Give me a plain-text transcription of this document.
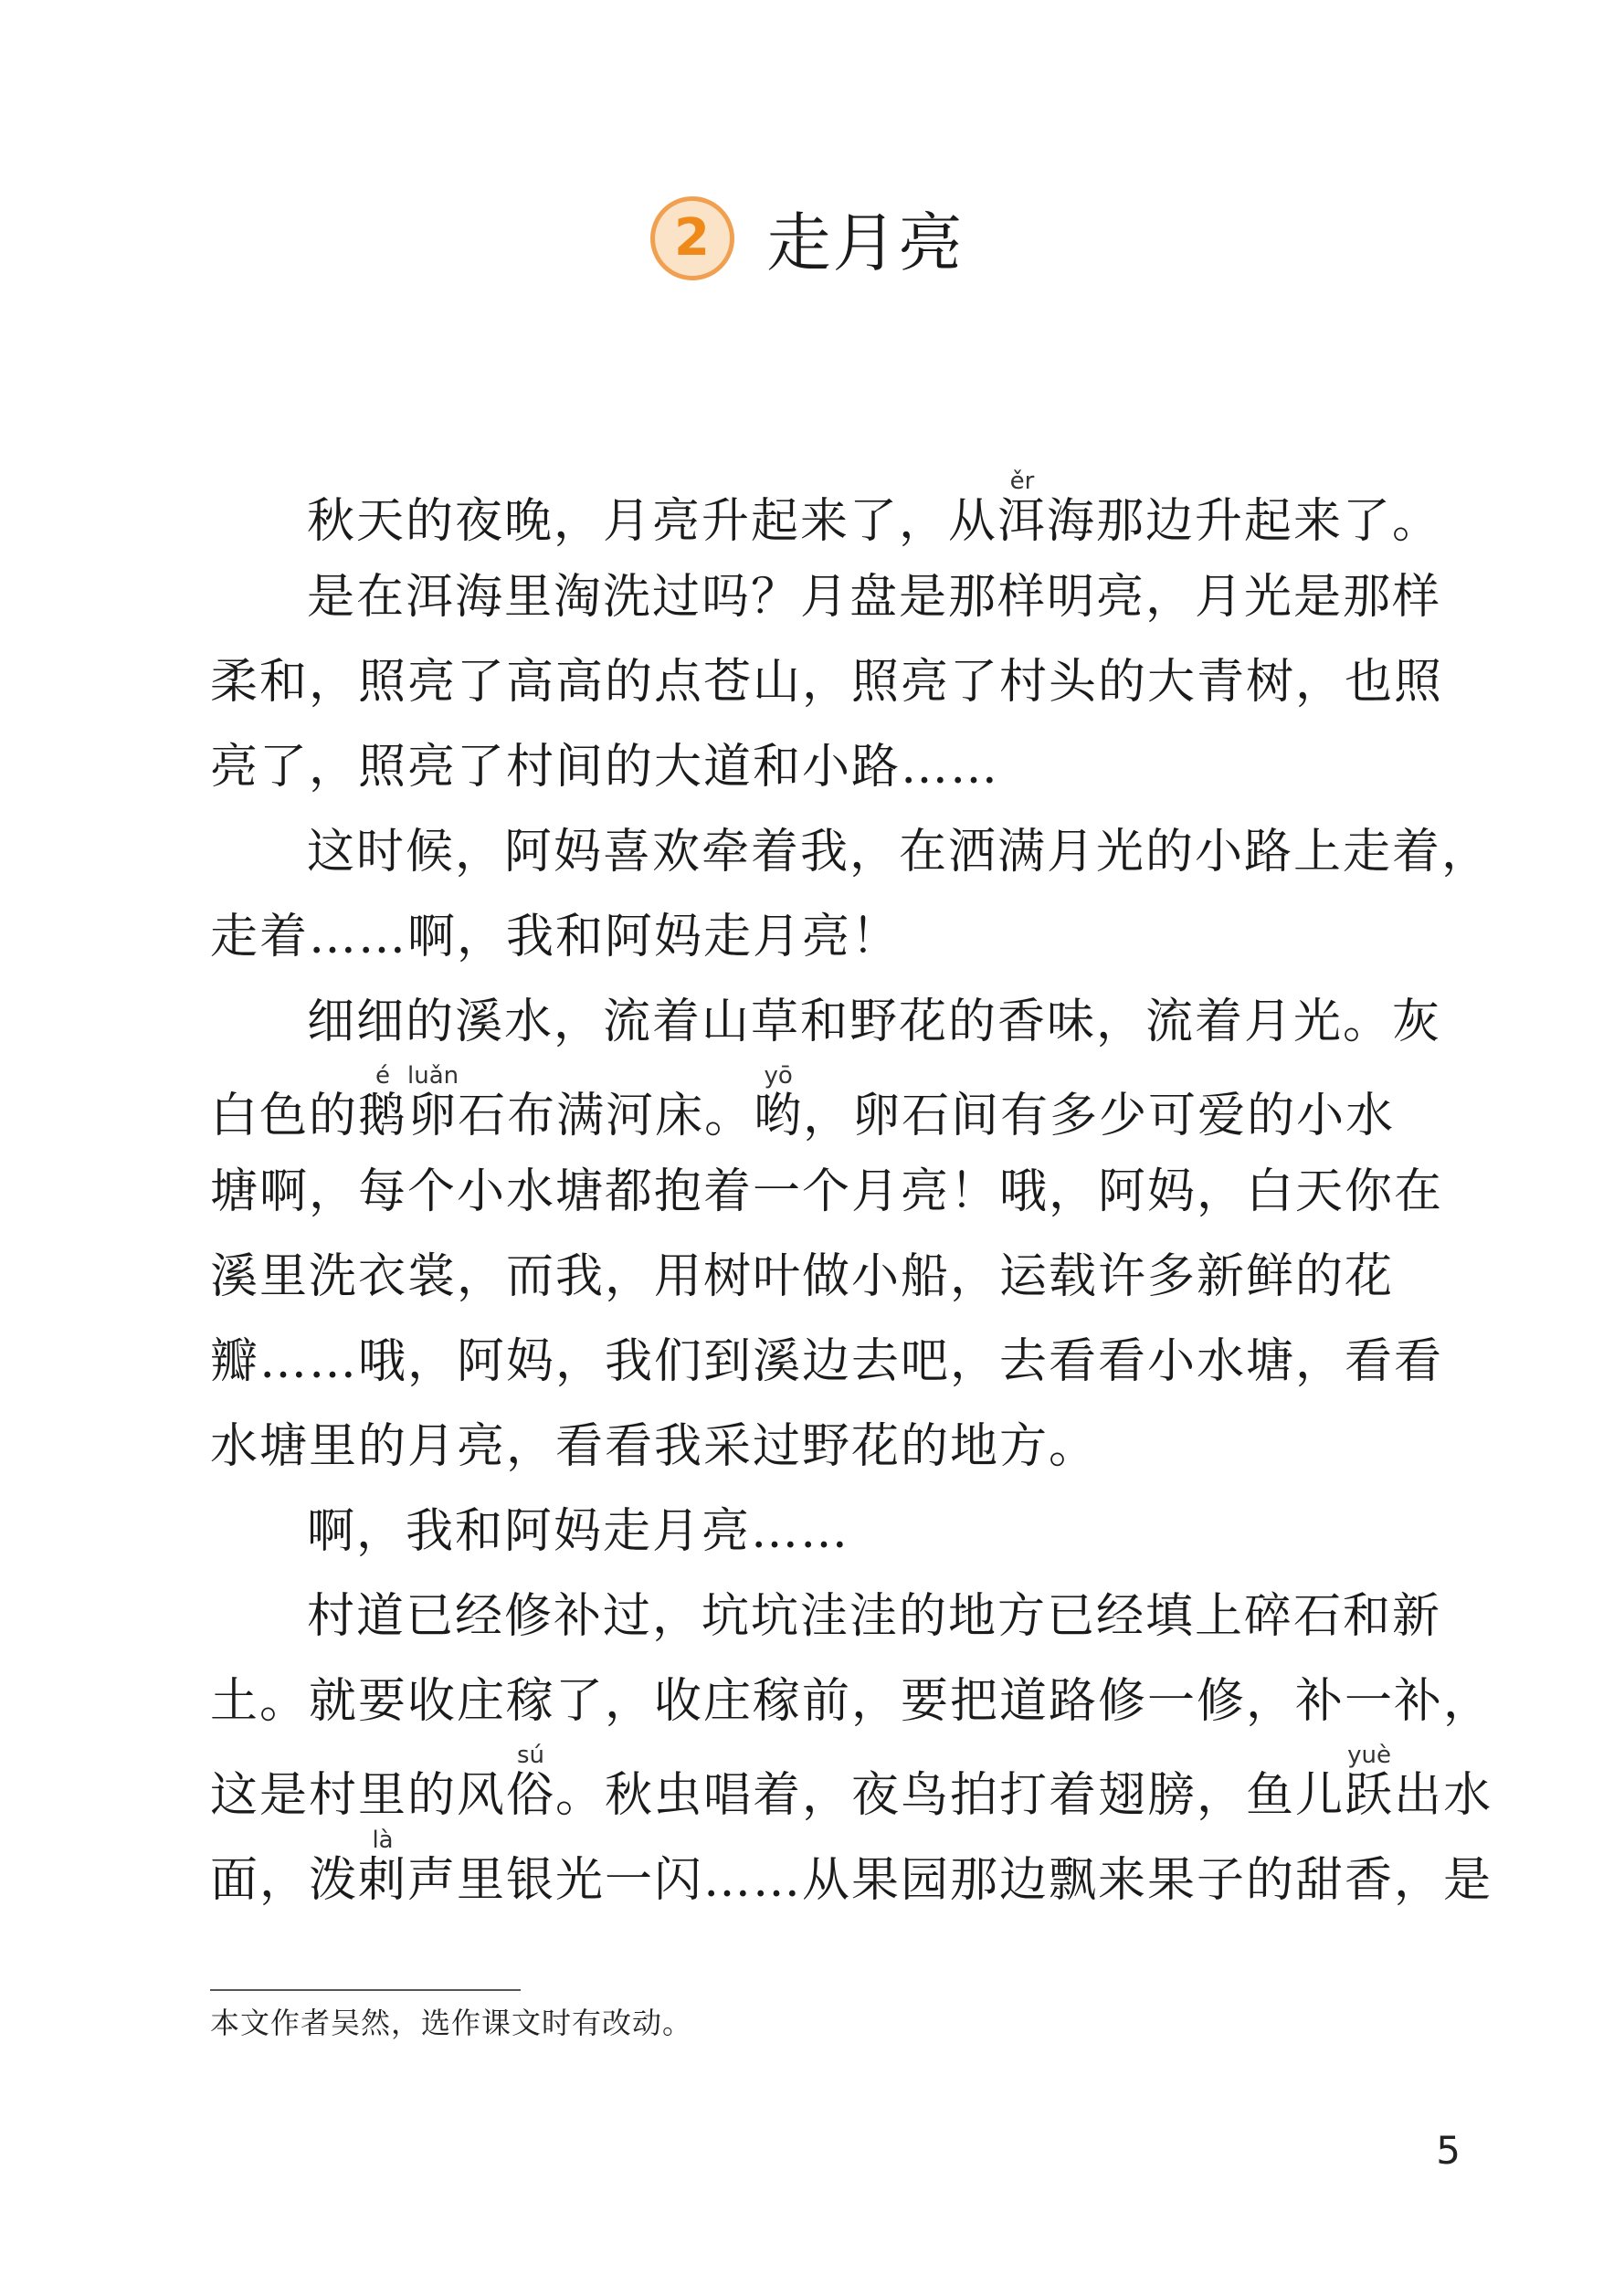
2 走月亮
秋天的夜晚，月亮升起来了，从洱ěr海那边升起来了。
是在洱海里淘洗过吗？月盘是那样明亮，月光是那样
柔和，照亮了高高的点苍山，照亮了村头的大青树，也照
亮了，照亮了村间的大道和小路……
这时候，阿妈喜欢牵着我，在洒满月光的小路上走着，
走着……啊，我和阿妈走月亮！
细细的溪水，流着山草和野花的香味，流着月光。灰
白色的鹅é卵luǎn石布满河床。哟yō，卵石间有多少可爱的小水
塘啊，每个小水塘都抱着一个月亮！哦，阿妈，白天你在
溪里洗衣裳，而我，用树叶做小船，运载许多新鲜的花
瓣……哦，阿妈，我们到溪边去吧，去看看小水塘，看看
水塘里的月亮，看看我采过野花的地方。
啊，我和阿妈走月亮……
村道已经修补过，坑坑洼洼的地方已经填上碎石和新
土。就要收庄稼了，收庄稼前，要把道路修一修，补一补，
这是村里的风俗sú。秋虫唱着，夜鸟拍打着翅膀，鱼儿跃yuè出水
面，泼剌là声里银光一闪……从果园那边飘来果子的甜香，是
本文作者吴然，选作课文时有改动。
5
